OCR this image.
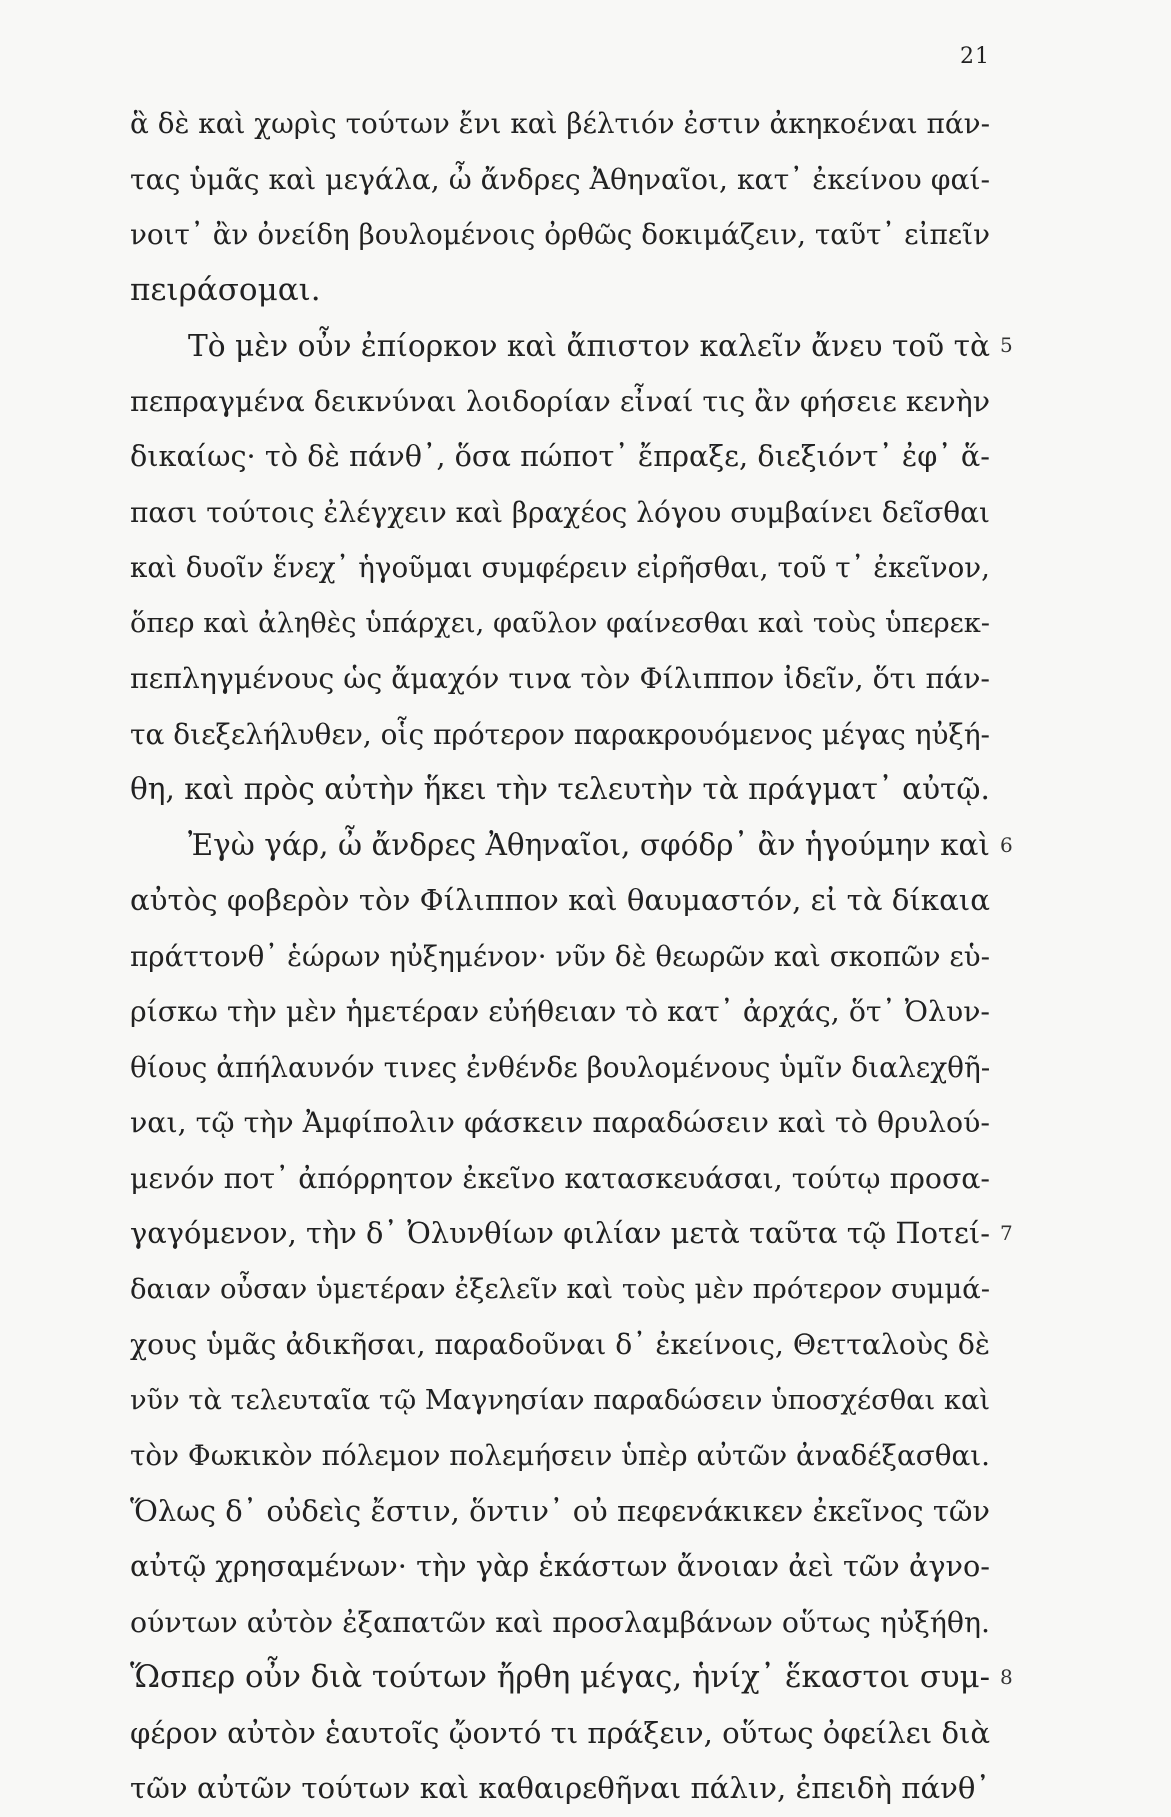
21
ἃ δὲ καὶ χωρὶς τούτων ἔνι καὶ βέλτιόν ἐστιν ἀκηκοέναι πάν-
τας ὑμᾶς καὶ μεγάλα, ὦ ἄνδρες Ἀθηναῖοι, κατ᾽ ἐκείνου φαί-
νοιτ᾽ ἂν ὀνείδη βουλομένοις ὀρθῶς δοκιμάζειν, ταῦτ᾽ εἰπεῖν
πειράσομαι.
Τὸ μὲν οὖν ἐπίορκον καὶ ἄπιστον καλεῖν ἄνευ τοῦ τὰ 5
πεπραγμένα δεικνύναι λοιδορίαν εἶναί τις ἂν φήσειε κενὴν
δικαίως· τὸ δὲ πάνθ᾽, ὅσα πώποτ᾽ ἔπραξε, διεξιόντ᾽ ἐφ᾽ ἅ-
πασι τούτοις ἐλέγχειν καὶ βραχέος λόγου συμβαίνει δεῖσθαι
καὶ δυοῖν ἕνεχ᾽ ἡγοῦμαι συμφέρειν εἰρῆσθαι, τοῦ τ᾽ ἐκεῖνον,
ὅπερ καὶ ἀληθὲς ὑπάρχει, φαῦλον φαίνεσθαι καὶ τοὺς ὑπερεκ-
πεπληγμένους ὡς ἄμαχόν τινα τὸν Φίλιππον ἰδεῖν, ὅτι πάν-
τα διεξελήλυθεν, οἷς πρότερον παρακρουόμενος μέγας ηὐξή-
θη, καὶ πρὸς αὐτὴν ἥκει τὴν τελευτὴν τὰ πράγματ᾽ αὐτῷ.
Ἐγὼ γάρ, ὦ ἄνδρες Ἀθηναῖοι, σφόδρ᾽ ἂν ἡγούμην καὶ 6
αὐτὸς φοβερὸν τὸν Φίλιππον καὶ θαυμαστόν, εἰ τὰ δίκαια
πράττονθ᾽ ἑώρων ηὐξημένον· νῦν δὲ θεωρῶν καὶ σκοπῶν εὑ-
ρίσκω τὴν μὲν ἡμετέραν εὐήθειαν τὸ κατ᾽ ἀρχάς, ὅτ᾽ Ὀλυν-
θίους ἀπήλαυνόν τινες ἐνθένδε βουλομένους ὑμῖν διαλεχθῆ-
ναι, τῷ τὴν Ἀμφίπολιν φάσκειν παραδώσειν καὶ τὸ θρυλού-
μενόν ποτ᾽ ἀπόρρητον ἐκεῖνο κατασκευάσαι, τούτῳ προσα-
γαγόμενον, τὴν δ᾽ Ὀλυνθίων φιλίαν μετὰ ταῦτα τῷ Ποτεί- 7
δαιαν οὖσαν ὑμετέραν ἐξελεῖν καὶ τοὺς μὲν πρότερον συμμά-
χους ὑμᾶς ἀδικῆσαι, παραδοῦναι δ᾽ ἐκείνοις, Θετταλοὺς δὲ
νῦν τὰ τελευταῖα τῷ Μαγνησίαν παραδώσειν ὑποσχέσθαι καὶ
τὸν Φωκικὸν πόλεμον πολεμήσειν ὑπὲρ αὐτῶν ἀναδέξασθαι.
Ὅλως δ᾽ οὐδεὶς ἔστιν, ὅντιν᾽ οὐ πεφενάκικεν ἐκεῖνος τῶν
αὐτῷ χρησαμένων· τὴν γὰρ ἑκάστων ἄνοιαν ἀεὶ τῶν ἀγνο-
ούντων αὐτὸν ἐξαπατῶν καὶ προσλαμβάνων οὕτως ηὐξήθη.
Ὥσπερ οὖν διὰ τούτων ἤρθη μέγας, ἡνίχ᾽ ἕκαστοι συμ- 8
φέρον αὐτὸν ἑαυτοῖς ᾤοντό τι πράξειν, οὕτως ὀφείλει διὰ
τῶν αὐτῶν τούτων καὶ καθαιρεθῆναι πάλιν, ἐπειδὴ πάνθ᾽
